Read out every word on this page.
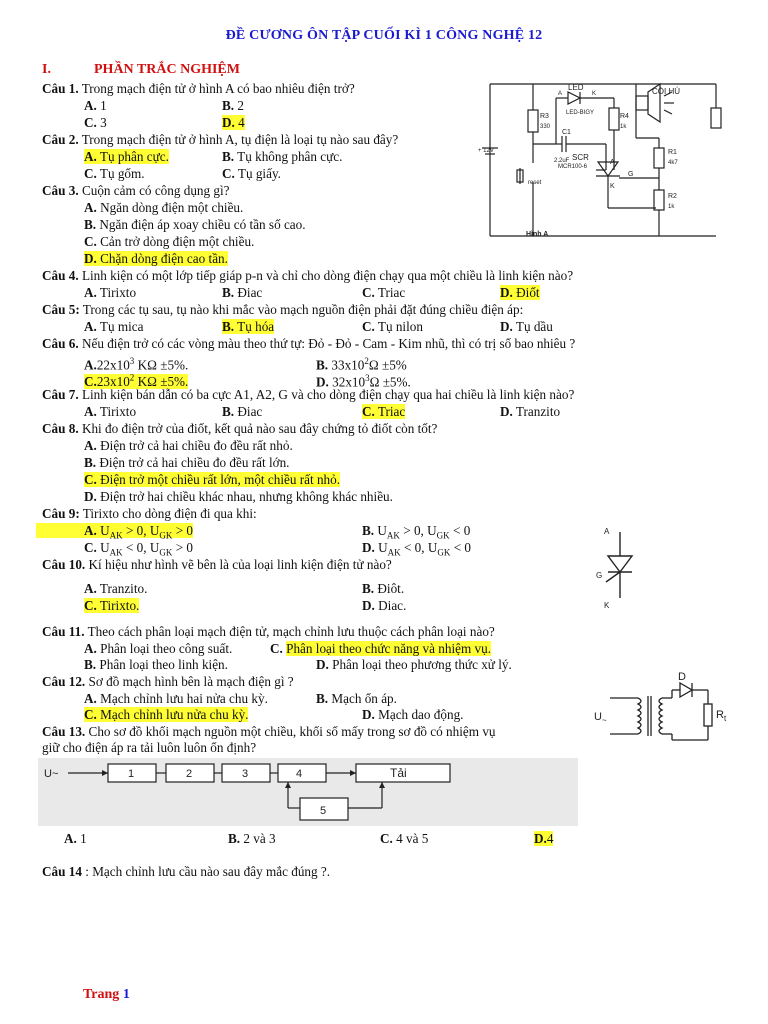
ĐỀ CƯƠNG ÔN TẬP CUỐI KÌ 1 CÔNG NGHỆ 12
I.	PHẦN TRẮC NGHIỆM
Câu 1. Trong mạch điện tử ở hình A có bao nhiêu điện trở?
A. 1	B. 2
C. 3	D. 4
Câu 2. Trong mạch điện tử ở hình A, tụ điện là loại tụ nào sau đây?
A. Tụ phân cực.	B. Tụ không phân cực.
C. Tụ gốm.	C. Tụ giấy.
Câu 3. Cuộn cảm có công dụng gì?
A. Ngăn dòng điện một chiều.
B. Ngăn điện áp xoay chiều có tần số cao.
C. Cản trở dòng điện một chiều.
D. Chặn dòng điện cao tần.
Câu 4. Linh kiện có một lớp tiếp giáp p-n và chỉ cho dòng điện chạy qua một chiều là linh kiện nào?
A. Tirixto	B. Điac	C. Triac	D. Điốt
Câu 5: Trong các tụ sau, tụ nào khi mắc vào mạch nguồn điện phải đặt đúng chiều điện áp:
A. Tụ mica	B. Tụ hóa	C. Tụ nilon	D. Tụ dầu
Câu 6. Nếu điện trở có các vòng màu theo thứ tự: Đỏ - Đỏ - Cam - Kim nhũ, thì có trị số bao nhiêu ?
$A.22x10^3$ KΩ ±5%.	B. $33x10^2\Omega \pm 5\%$
$C.23x10^2$ KΩ ±5%.	D. $32x10^3\Omega \pm 5\%$.
Câu 7. Linh kiện bán dẫn có ba cực A1, A2, G và cho dòng điện chạy qua hai chiều là linh kiện nào?
A. Tirixto	B. Điac	C. Triac	D. Tranzito
Câu 8. Khi đo điện trở của điốt, kết quả nào sau đây chứng tỏ điốt còn tốt?
A. Điện trở cả hai chiều đo đều rất nhỏ.
B. Điện trở cả hai chiều đo đều rất lớn.
C. Điện trở một chiều rất lớn, một chiều rất nhỏ.
D. Điện trở hai chiều khác nhau, nhưng không khác nhiều.
Câu 9: Tirixto cho dòng điện đi qua khi:
A. $U_{AK} > 0$, $U_{GK} > 0$	B. $U_{AK} > 0$, $U_{GK} < 0$
C. $U_{AK} < 0$, $U_{GK} > 0$	D. $U_{AK} < 0$, $U_{GK} < 0$
Câu 10. Kí hiệu như hình vẽ bên là của loại linh kiện điện tử nào?
A. Tranzito.	B. Điôt.
C. Tirixto.	D. Diac.
Câu 11. Theo cách phân loại mạch điện tử, mạch chỉnh lưu thuộc cách phân loại nào?
A. Phân loại theo công suất.	C. Phân loại theo chức năng và nhiệm vụ.
B. Phân loại theo linh kiện.	D. Phân loại theo phương thức xử lý.
Câu 12. Sơ đồ mạch hình bên là mạch điện gì ?
A. Mạch chỉnh lưu hai nửa chu kỳ.	B. Mạch ổn áp.
C. Mạch chỉnh lưu nửa chu kỳ.	D. Mạch dao động.
Câu 13. Cho sơ đồ khối mạch nguồn một chiều, khối số mấy trong sơ đồ có nhiệm vụ
giữ cho điện áp ra tải luôn luôn ổn định?
A. 1	B. 2 và 3	C. 4 và 5	D.4
Câu 14 : Mạch chỉnh lưu cầu nào sau đây mắc đúng ?.
LED
LED-BIGY
CÒI HÚ
R3
330
R4
1k
C1
2.2uF SCR
MCR100-6
R1
4k7
R2
1k
+ 12V
reset
A
K
G
A	K
Hình A
A
G
K
D
$U_\sim$	$R_t$
U~	1	2	3	4
5
Tải
Trang 1
